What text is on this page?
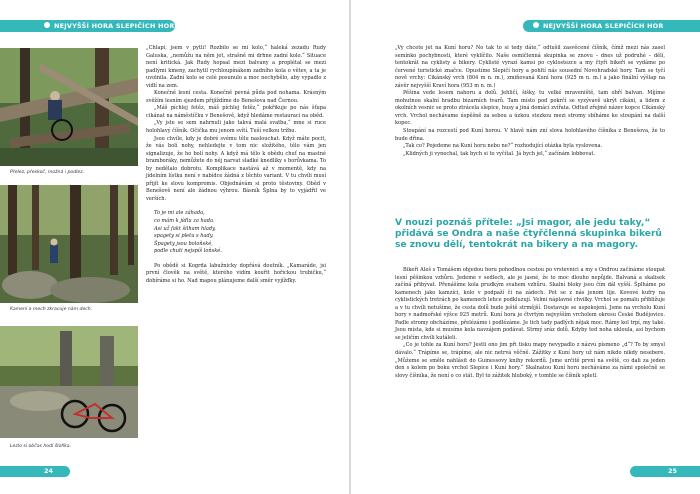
NEJVYŠŠÍ HORA SLEPIČÍCH HOR
Přelez, přeskoč, možná i podlez.
Kamení a mech zkracuje nám dech.
Lezlo si občas hodí šlofíka.

„Chlapi, jsem v pytli! Rozbilo se mi kolo,“ haleká zezadu Rudy Galuska, „nemůžu na něm jet, strašně mi drhne zadní kolo.“ Situace není kritická. Jak Rudy hopsal mezi balvany a proplétal se mezi padlými kmeny, zachytil rychloupínákem zadního kola o větev, a ta je uvolnila. Zadní kolo se celé posunulo a moc nechybělo, aby vypadlo z vidlí na zem.

Konečně lesní cesta. Konečně pevná půda pod nohama. Krásným svěžím lesním sjezdem přijíždíme do Benešova nad Černou.

„Máš píchlej fetěz, máš píchlej fetěz,“ pokřikuje po nás šťupa cikánat na náměstíčku v Benešově, když hledáme restauraci na oběd.

„Vy jste se sem nahrnuli jako takvá malá svatba,“ mne si ruce holohlavý číšník. Očička mu jenom svítí. Tuší velkou tržbu.

Jsou chvíle, kdy je dobré svému tělu naslouchat. Když máte pocit, že vás bolí nohy, nehledejte v tom nic složitého, tělo vám jen signalizuje, že ho bolí nohy. A když má tělo k obědu chuť na mastné bramboráky, nemůžete do něj narvat sladké knedlíky s borůvkama. To by nedělalo dobrotu. Komplikace nastává až v momentě, kdy na jídelním lístku není v nabídce žádná z těchto variant. V tu chvíli musí přijít ke slovu kompromis. Objednávám si proto těstoviny. Oběd v Benešově není ale žádnou výhrou. Básník Šplna by to vyjádřil ve verších.

To je mi ale záhada,
co mám k jídlu za hada.
Asi už fakt šilham hlady,
spagety si pletu s hady.
Špagety jsou boloňské,
podle chuti nejspíš loňské.

Po obědě si Kogrda labužnicky dopřává doutník. „Kamaráde, jsi první člověk na světě, kterého vidím kouřit hořickou trubičku,“ dobíráme si ho. Nad mapou plánujeme další směr vyjížďky.

24
NEJVYŠŠÍ HORA SLEPIČÍCH HOR

„Vy chcete jet na Kuní horu? No tak to si tedy dáte,“ odtušil zasvěcené číšník, čímž mezi nás zasel semínko pochybnosti, které vyklíčilo. Naše osmičlenná skupinka se znovu – dnes už podruhé – dělí, tentokrát na cyklisty a bikery. Cyklisté vyrazí kamsi po cyklostezce a my čtyři bikeři se vydáme po červené turistické značce. Opustíme Slepičí hory a pohltí nás sousední Novohradské hory. Tam se tyčí nově vrchy: Cikánský vrch (804 m n. m.), zmiňovaná Kuní hora (925 m n. m.) a jako finální výšlap na závěr nejvyšší Kraví hora (953 m n. m.)

Pěšina vede lesem nahoru a dolů. Jehličí, šišky, tu velké mraveniště, tam obří balvan. Míjíme mohutnou skalní hradbu bizarních tvarů. Tam místo pod pokrčí se vyzývavě ukrýt cikáni, a lidem z okolních vesnic se proto ztrácela slepice, husy a jiná domácí zvířata. Odtud zřejmě název kopce Cikánský vrch. Vrchol nechávame úspěšně za sebou a úzkou stezkou mezi stromy sbíháme ke stoupání na další kopec.

Stoupání na rozcestí pod Kuní horou. V hlavě nám zní slova holohlavého číšníka z Benešova, že to bude dřina.

„Tak co? Pojedeme na Kuní horu nebo ne?“ rozhodující otázka byla vyslovena.

„Klidných ji vynechal, tak bych si to vyčítal. Já bych jel,“ začínám lobbovat.

V nouzi poznáš přítele: „Jsi magor, ale jedu taky,“ přidává se Ondra a naše čtyřčlenná skupinka bikerů se znovu dělí, tentokrát na bikery a na magory.

Bikeři Aleš s Tomášem objedou horu pohodlnou cestou po vrstevnici a my s Ondrou začínáme stoupat lesní pěšinkou vzhůru. Jedeme v sedlech, ale je jasné, že to moc dlouho nepůjde. Balvaná a skalisek začíná přibývat. Přenášíme kola prudkým svahem vzhůru. Skalní bloky jsou čím dál vyšší. Šplháme po kamenech jako kamzíci, kolo v podpaží či na zádech. Pot se z nás jenom lije. Kovové kufry na cyklistických tretrách po kamenech lehce podkluzují. Velmi náplavné chvilky. Vrchol se pomalu přibližuje a v tu chvíli netušíme, že cesta dolů bude ještě strmější. Dostavuje se uspokojení. Jsme na vrcholu Kuní hory v nadmořské výšce 925 metrů. Kuní hora je čtvrtým nejvyšším vrcholem okresu České Budějovice. Padle stromy obcházíme, přelézáme i podlézáme. Je tich tady padlých nějak moc. Rámy kol trpí, my také. Jsou místa, kde si musíme kola navzájem podávat. Strmý sráz dolů. Kdyby ted noha ukloula, asi bychom se jeličím chvíli kutáleli.

„Co je tohle za Kuní horu? Jestli ono jim při tisku mapy nevypadlo z názvu písmeno „d“? To by smysl dávalo.“ Trápíme se, trápíme, ale nic netrvá věčně. Zážitky z Kuní hory už nám nikdo nikdy nesebere. „Můžeme se směle nahlásit do Guinessovy knihy rekordů. Jsme určitě první na světě, co dali za jeden den s kolem po boku vrchol Slepice i Kuní hory.“ Skalnatou Kuní horu necháváme za námi společně se slovy číšníka, že není o co stát. Byl to zážitek hluboký, v tomhle se číšník spletl.

25
